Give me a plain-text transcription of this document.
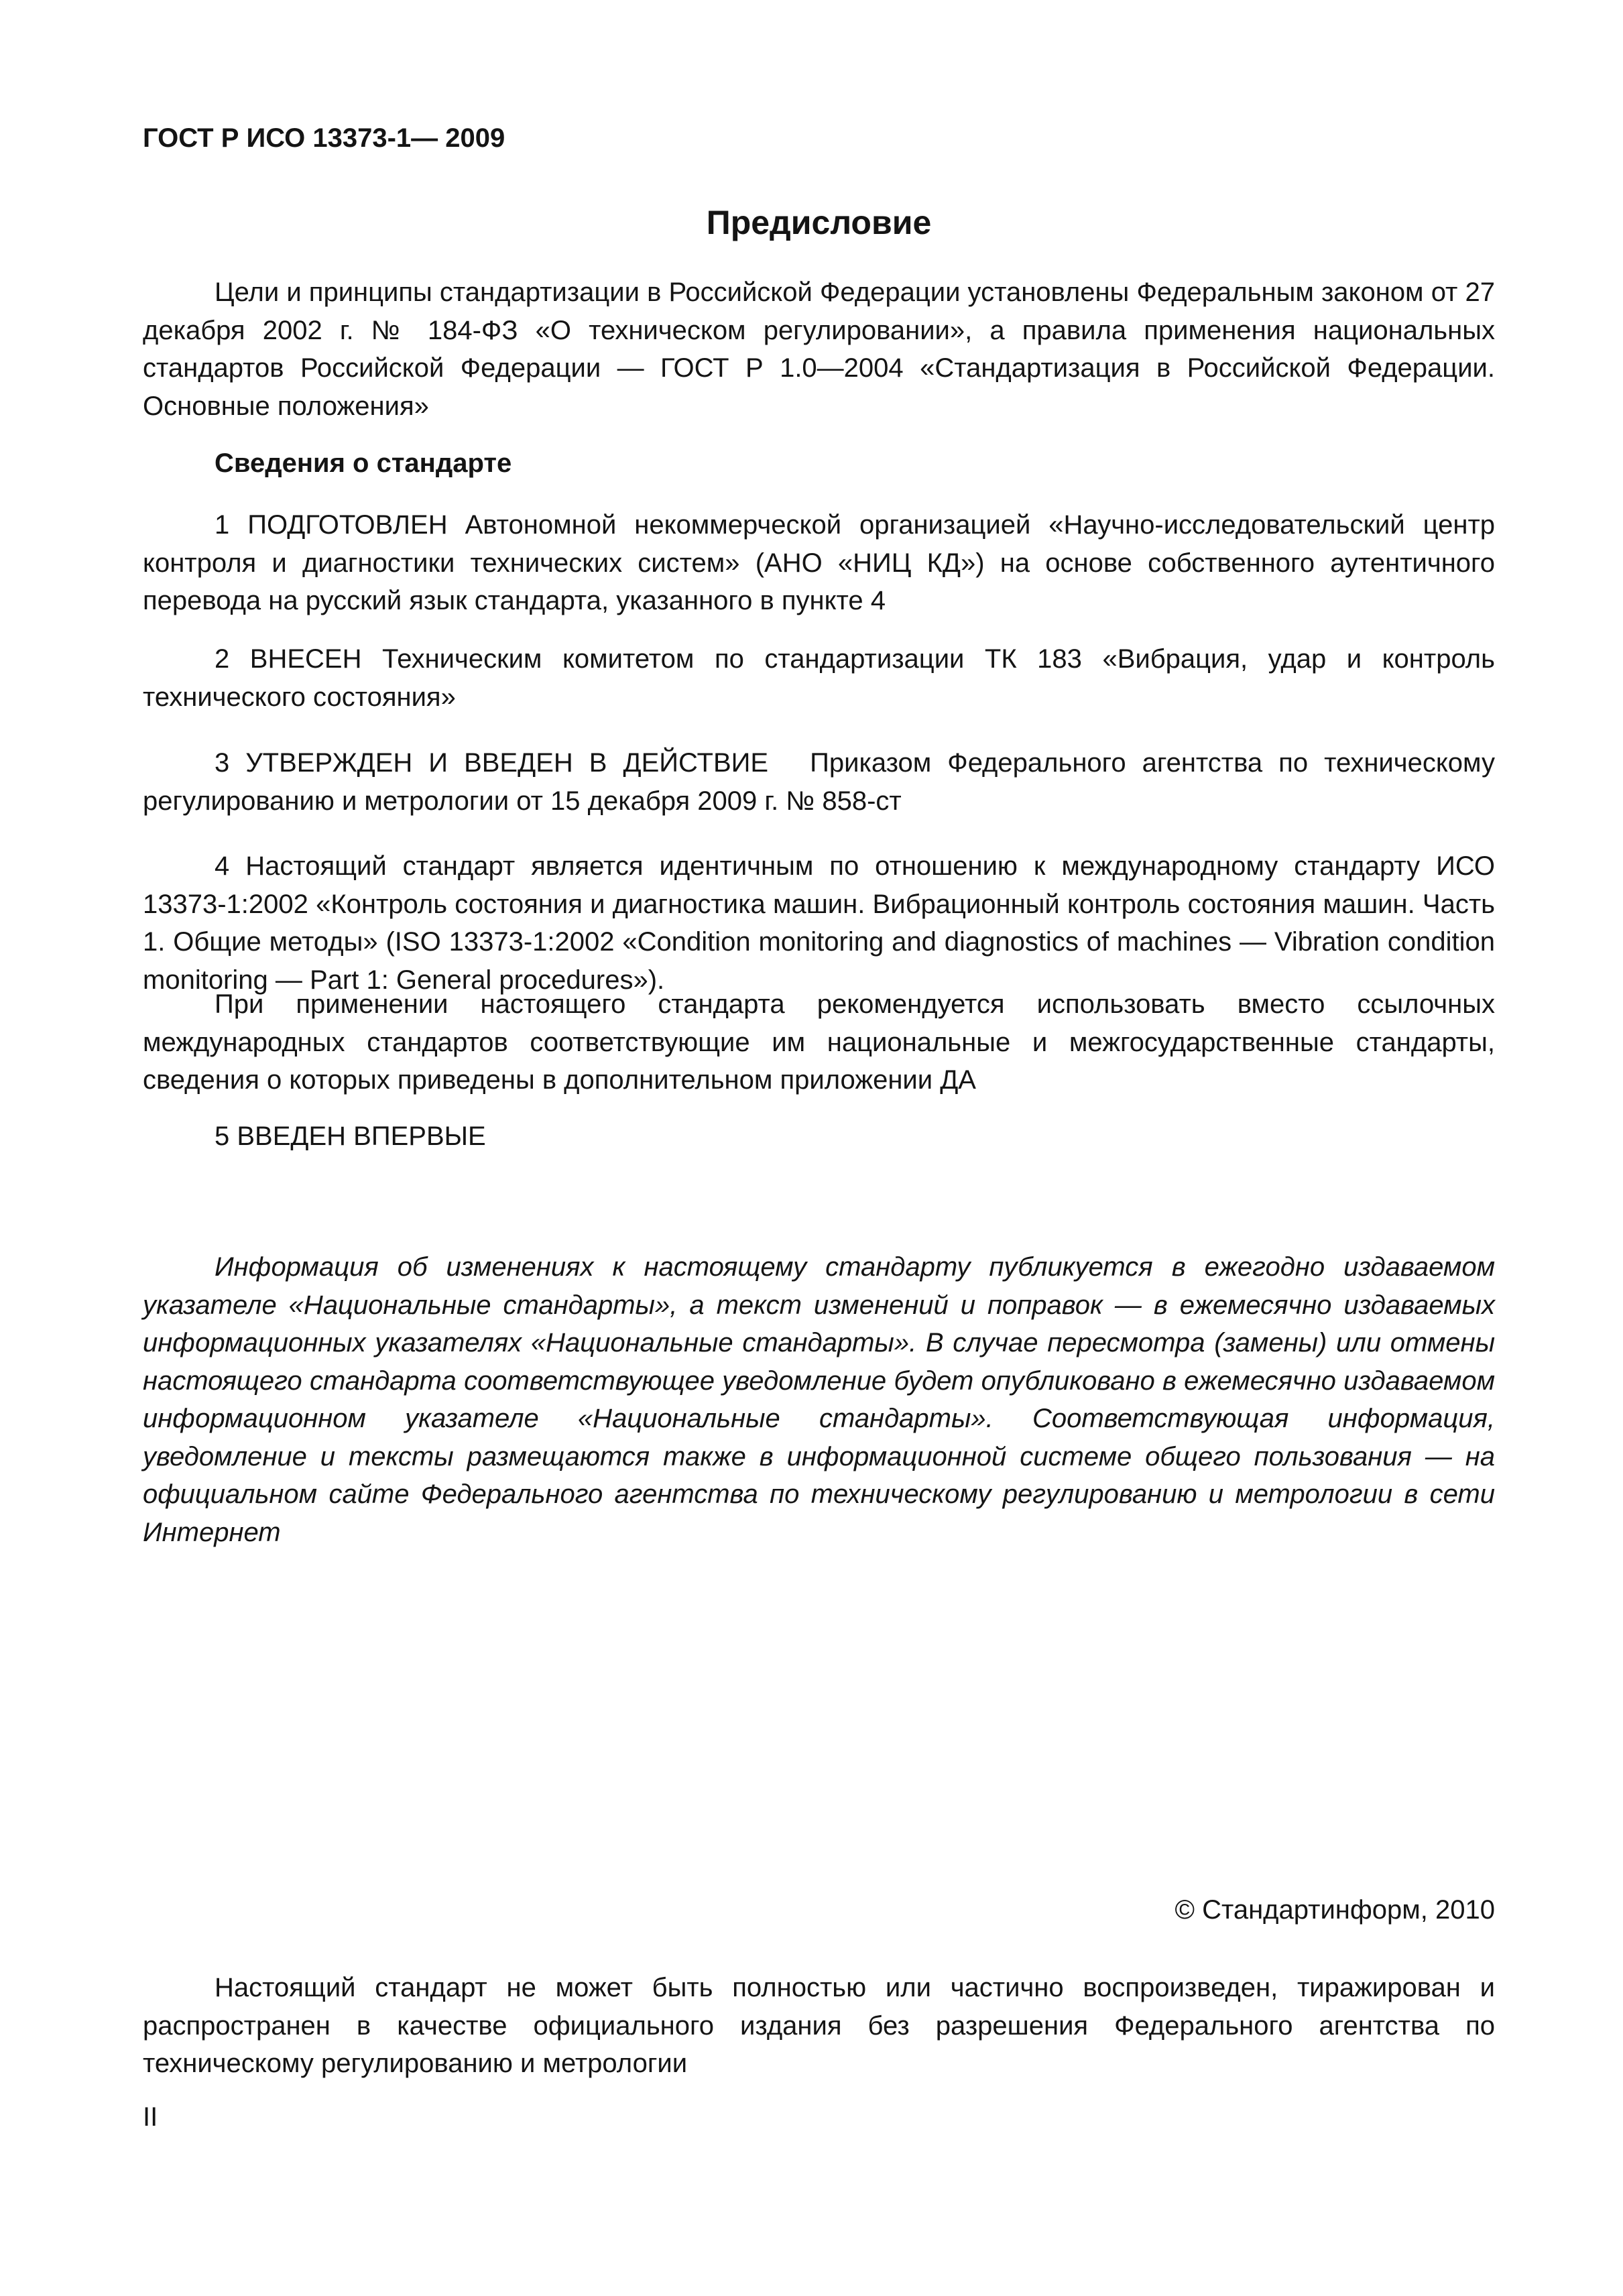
ГОСТ Р ИСО 13373-1— 2009

Предисловие

Цели и принципы стандартизации в Российской Федерации установлены Федеральным законом от 27 декабря 2002 г. № 184-ФЗ «О техническом регулировании», а правила применения национальных стандартов Российской Федерации — ГОСТ Р 1.0—2004 «Стандартизация в Российской Федерации. Основные положения»

Сведения о стандарте

1 ПОДГОТОВЛЕН Автономной некоммерческой организацией «Научно-исследовательский центр контроля и диагностики технических систем» (АНО «НИЦ КД») на основе собственного аутентичного перевода на русский язык стандарта, указанного в пункте 4

2 ВНЕСЕН Техническим комитетом по стандартизации ТК 183 «Вибрация, удар и контроль технического состояния»

3 УТВЕРЖДЕН И ВВЕДЕН В ДЕЙСТВИЕ Приказом Федерального агентства по техническому регулированию и метрологии от 15 декабря 2009 г. № 858-ст

4 Настоящий стандарт является идентичным по отношению к международному стандарту ИСО 13373-1:2002 «Контроль состояния и диагностика машин. Вибрационный контроль состояния машин. Часть 1. Общие методы» (ISO 13373-1:2002 «Condition monitoring and diagnostics of machines — Vibration condition monitoring — Part 1: General procedures»).

При применении настоящего стандарта рекомендуется использовать вместо ссылочных международных стандартов соответствующие им национальные и межгосударственные стандарты, сведения о которых приведены в дополнительном приложении ДА

5 ВВЕДЕН ВПЕРВЫЕ

Информация об изменениях к настоящему стандарту публикуется в ежегодно издаваемом указателе «Национальные стандарты», а текст изменений и поправок — в ежемесячно издаваемых информационных указателях «Национальные стандарты». В случае пересмотра (замены) или отмены настоящего стандарта соответствующее уведомление будет опубликовано в ежемесячно издаваемом информационном указателе «Национальные стандарты». Соответствующая информация, уведомление и тексты размещаются также в информационной системе общего пользования — на официальном сайте Федерального агентства по техническому регулированию и метрологии в сети Интернет

© Стандартинформ, 2010

Настоящий стандарт не может быть полностью или частично воспроизведен, тиражирован и распространен в качестве официального издания без разрешения Федерального агентства по техническому регулированию и метрологии

II
